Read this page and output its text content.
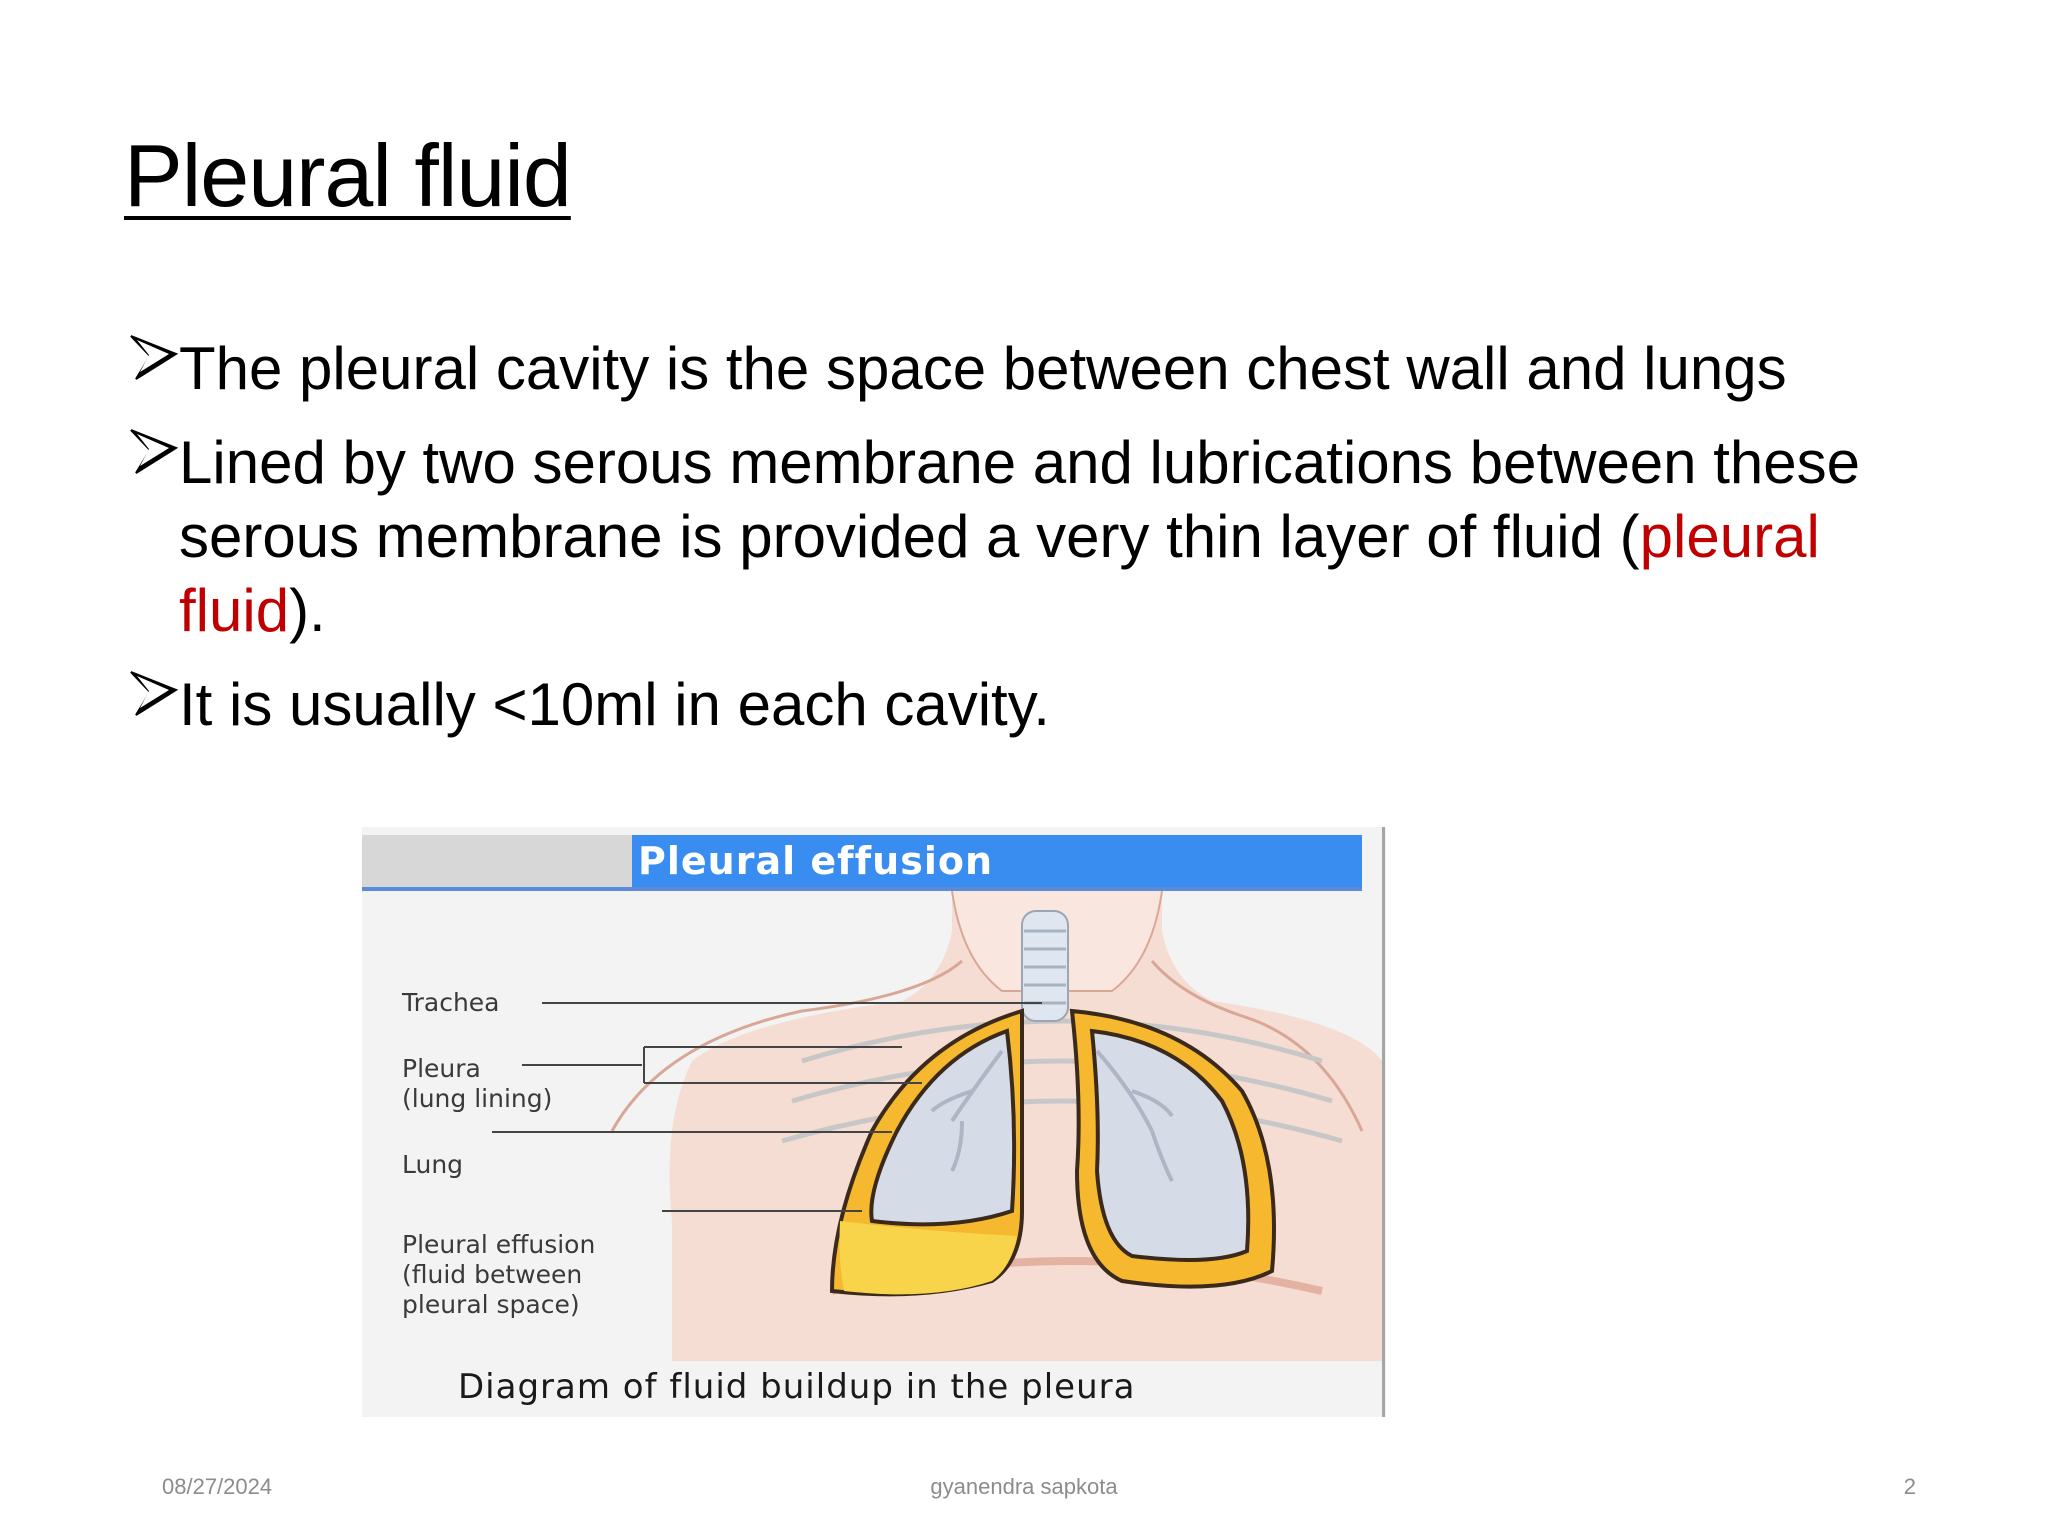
Pleural fluid
The pleural cavity is the space between chest wall and lungs
Lined by two serous membrane and lubrications between these serous membrane is provided a very thin layer of fluid (pleural fluid).
It is usually <10ml in each cavity.
Pleural effusion
Trachea
Pleura
(lung lining)
Lung
Pleural effusion
(fluid between
pleural space)
Diagram of fluid buildup in the pleura
08/27/2024	gyanendra sapkota	2
